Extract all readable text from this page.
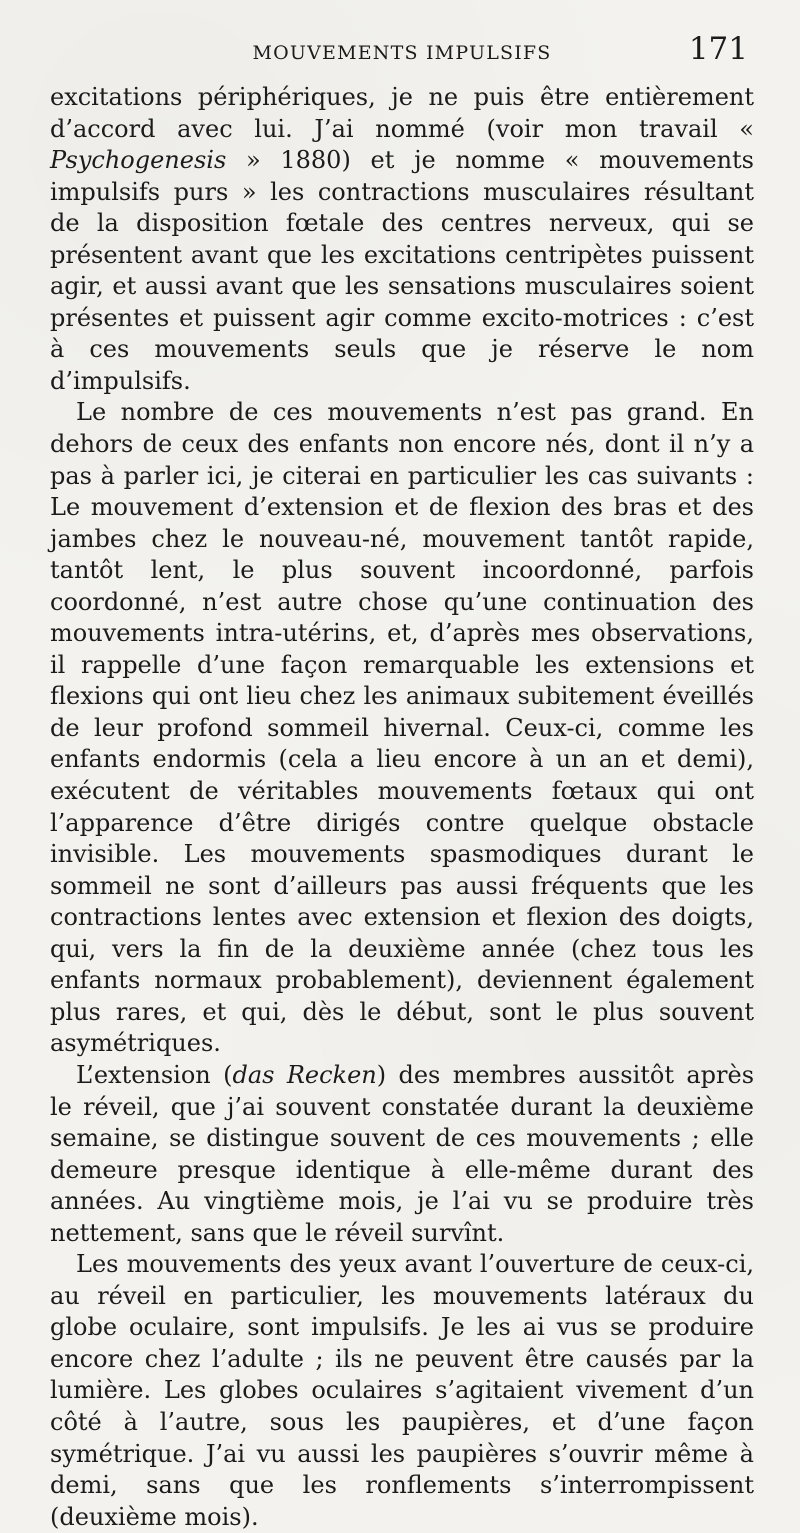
MOUVEMENTS IMPULSIFS	171

excitations périphériques, je ne puis être entièrement d’accord avec lui. J’ai nommé (voir mon travail « Psychogenesis » 1880) et je nomme « mouvements impulsifs purs » les contractions musculaires résultant de la disposition fœtale des centres nerveux, qui se présentent avant que les excitations centripètes puissent agir, et aussi avant que les sensations musculaires soient présentes et puissent agir comme excito-motrices : c’est à ces mouvements seuls que je réserve le nom d’impulsifs.

Le nombre de ces mouvements n’est pas grand. En dehors de ceux des enfants non encore nés, dont il n’y a pas à parler ici, je citerai en particulier les cas suivants : Le mouvement d’extension et de flexion des bras et des jambes chez le nouveau-né, mouvement tantôt rapide, tantôt lent, le plus souvent incoordonné, parfois coordonné, n’est autre chose qu’une continuation des mouvements intra-utérins, et, d’après mes observations, il rappelle d’une façon remarquable les extensions et flexions qui ont lieu chez les animaux subitement éveillés de leur profond sommeil hivernal. Ceux-ci, comme les enfants endormis (cela a lieu encore à un an et demi), exécutent de véritables mouvements fœtaux qui ont l’apparence d’être dirigés contre quelque obstacle invisible. Les mouvements spasmodiques durant le sommeil ne sont d’ailleurs pas aussi fréquents que les contractions lentes avec extension et flexion des doigts, qui, vers la fin de la deuxième année (chez tous les enfants normaux probablement), deviennent également plus rares, et qui, dès le début, sont le plus souvent asymétriques.

L’extension (das Recken) des membres aussitôt après le réveil, que j’ai souvent constatée durant la deuxième semaine, se distingue souvent de ces mouvements ; elle demeure presque identique à elle-même durant des années. Au vingtième mois, je l’ai vu se produire très nettement, sans que le réveil survînt.

Les mouvements des yeux avant l’ouverture de ceux-ci, au réveil en particulier, les mouvements latéraux du globe oculaire, sont impulsifs. Je les ai vus se produire encore chez l’adulte ; ils ne peuvent être causés par la lumière. Les globes oculaires s’agitaient vivement d’un côté à l’autre, sous les paupières, et d’une façon symétrique. J’ai vu aussi les paupières s’ouvrir même à demi, sans que les ronflements s’interrompissent (deuxième mois).
